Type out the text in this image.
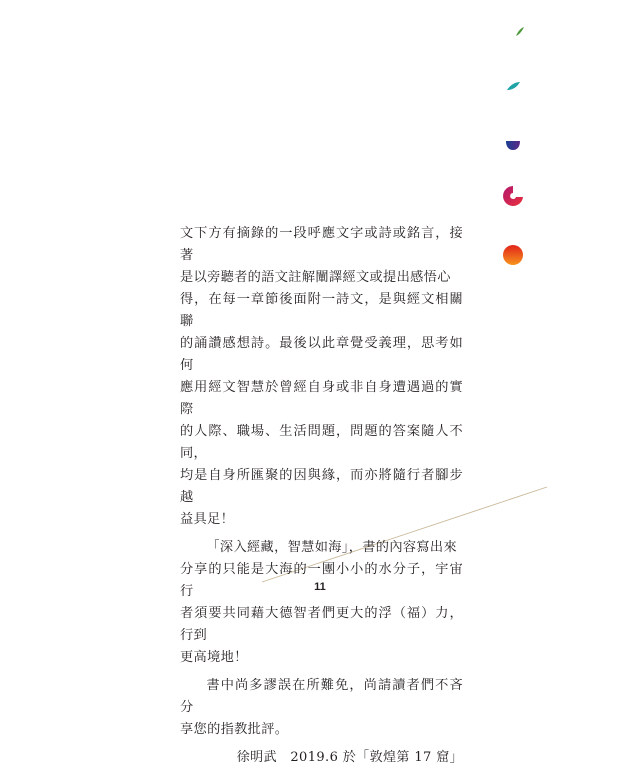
文下方有摘錄的一段呼應文字或詩或銘言，接著

是以旁聽者的語文註解闡譯經文或提出感悟心

得，在每一章節後面附一詩文，是與經文相關聯

的誦讚感想詩。最後以此章覺受義理，思考如何

應用經文智慧於曾經自身或非自身遭遇過的實際

的人際、職場、生活問題，問題的答案隨人不同，

均是自身所匯聚的因與緣，而亦將隨行者腳步越

益具足！

「深入經藏，智慧如海」，書的內容寫出來

分享的只能是大海的一團小小的水分子，宇宙行

者須要共同藉大德智者們更大的浮（福）力，行到

更高境地！

書中尚多謬誤在所難免，尚請讀者們不吝分

享您的指教批評。

徐明武　2019.6 於「敦煌第 17 窟」
11
